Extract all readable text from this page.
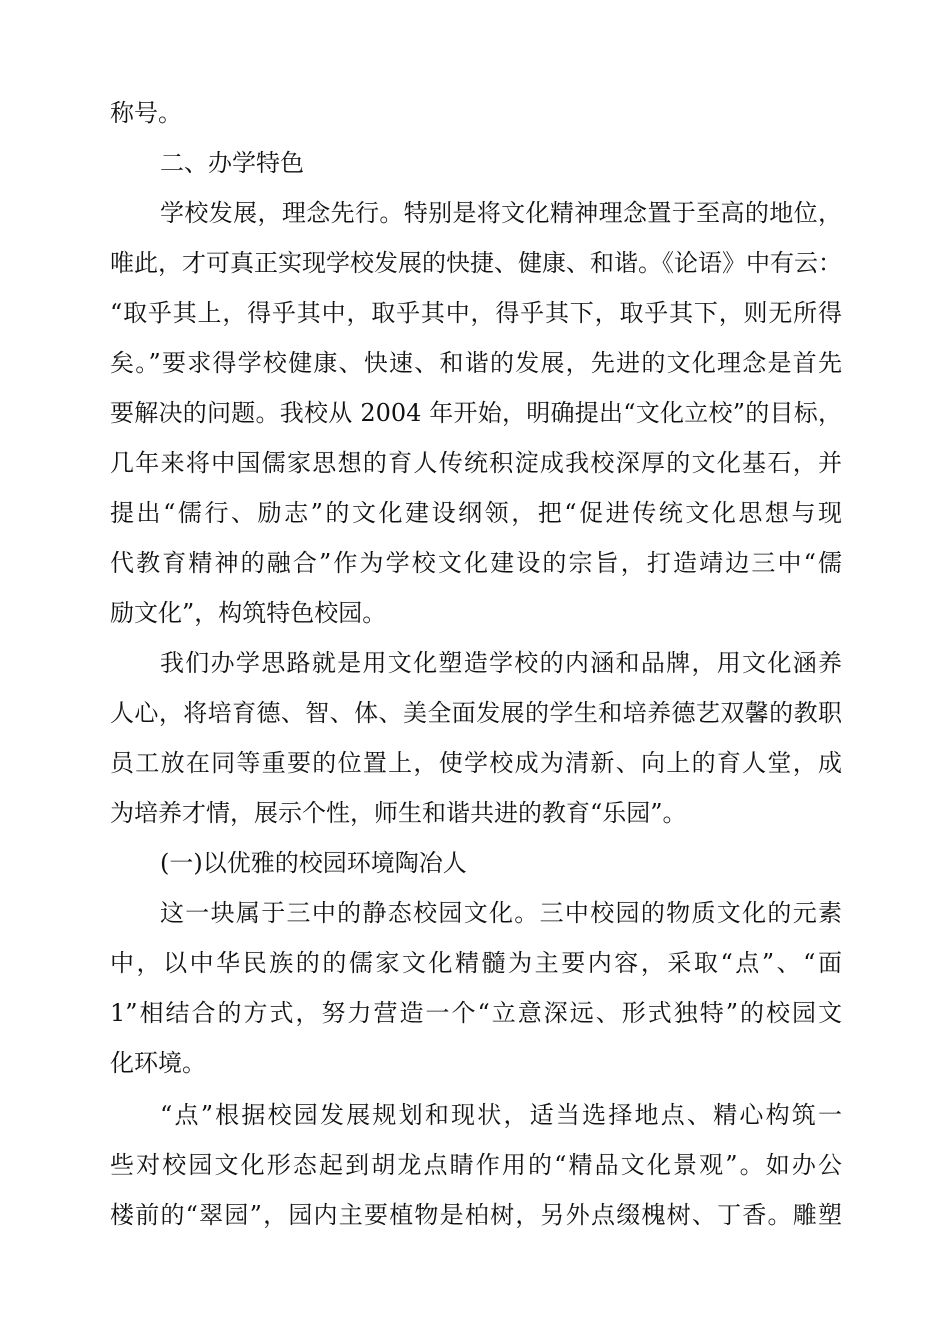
称号。
二、办学特色
学校发展，理念先行。特别是将文化精神理念置于至高的地位，
唯此，才可真正实现学校发展的快捷、健康、和谐。《论语》中有云：
“取乎其上，得乎其中，取乎其中，得乎其下，取乎其下，则无所得
矣。”要求得学校健康、快速、和谐的发展，先进的文化理念是首先
要解决的问题。我校从 2004 年开始，明确提出“文化立校”的目标，
几年来将中国儒家思想的育人传统积淀成我校深厚的文化基石，并
提出“儒行、励志”的文化建设纲领，把“促进传统文化思想与现
代教育精神的融合”作为学校文化建设的宗旨，打造靖边三中“儒
励文化”，构筑特色校园。
我们办学思路就是用文化塑造学校的内涵和品牌，用文化涵养
人心，将培育德、智、体、美全面发展的学生和培养德艺双馨的教职
员工放在同等重要的位置上，使学校成为清新、向上的育人堂，成
为培养才情，展示个性，师生和谐共进的教育“乐园”。
(一)以优雅的校园环境陶冶人
这一块属于三中的静态校园文化。三中校园的物质文化的元素
中，以中华民族的的儒家文化精髓为主要内容，采取“点”、“面
1”相结合的方式，努力营造一个“立意深远、形式独特”的校园文
化环境。
“点”根据校园发展规划和现状，适当选择地点、精心构筑一
些对校园文化形态起到胡龙点睛作用的“精品文化景观”。如办公
楼前的“翠园”，园内主要植物是柏树，另外点缀槐树、丁香。雕塑
